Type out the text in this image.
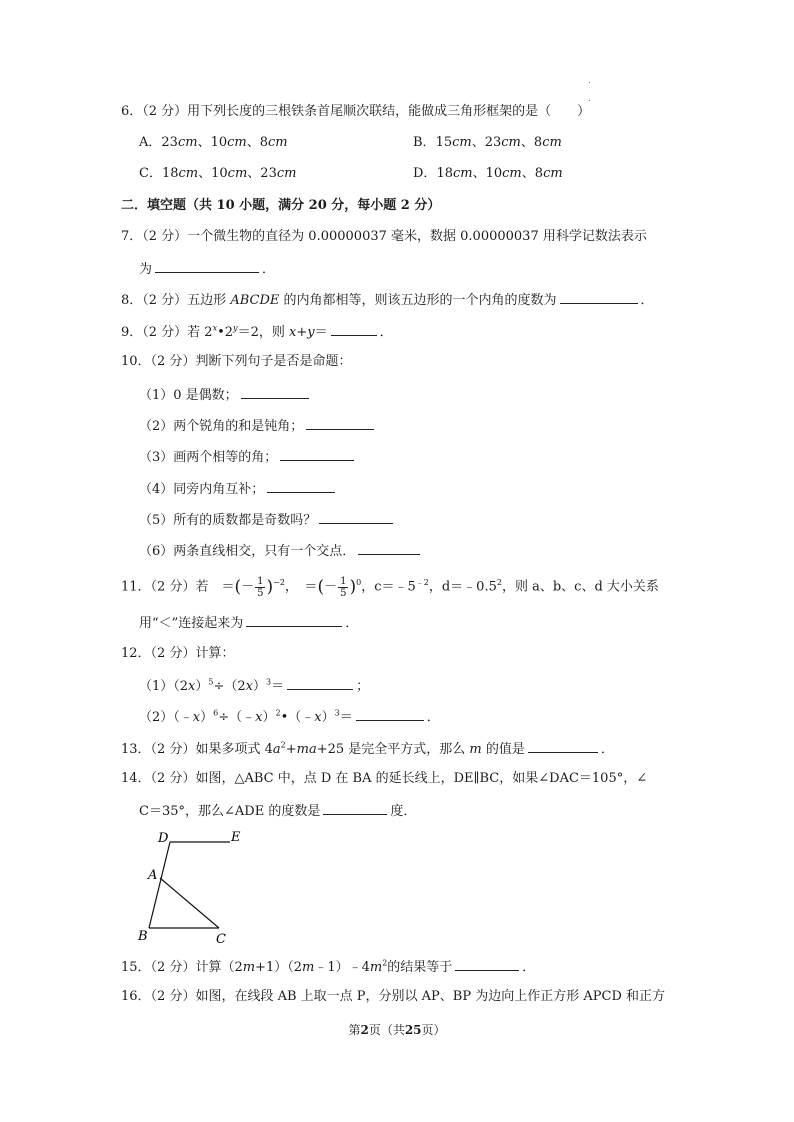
6．（2 分）用下列长度的三根铁条首尾顺次联结，能做成三角形框架的是（　　）
A．23cm、10cm、8cm	B．15cm、23cm、8cm
C．18cm、10cm、23cm	D．18cm、10cm、8cm
二．填空题（共 10 小题，满分 20 分，每小题 2 分）
7．（2 分）一个微生物的直径为 0.00000037 毫米，数据 0.00000037 用科学记数法表示
为	．
8．（2 分）五边形 ABCDE 的内角都相等，则该五边形的一个内角的度数为	．
9．（2 分）若 $2^x•2^y=2$，则 x+y＝	．
10．（2 分）判断下列句子是否是命题：
（1）0 是偶数；
（2）两个锐角的和是钝角；
（3）画两个相等的角；
（4）同旁内角互补；
（5）所有的质数都是奇数吗？
（6）两条直线相交，只有一个交点．
11．（2 分）若　＝(－ $\frac{1}{5} )^{-2}$，　＝(－ $\frac{1}{5} )^0$，$c=﹣5^{﹣2}$，$d=﹣0.5^2$，则 a、b、c、d 大小关系
用“＜”连接起来为	．
12．（2 分）计算：
$(1)(2x)^5\div(2x)^3=$	；
（2）（﹣x）$^6$÷（﹣x）$^2$•（﹣x）$^3$＝	．
13．（2 分）如果多项式 $4a^2+ma+25$ 是完全平方式，那么 m 的值是	．
14．（2 分）如图，△ABC 中，点 D 在 BA 的延长线上，DE∥BC，如果∠DAC＝105°，∠
C＝35°，那么∠ADE 的度数是	度．
D	E
A
B	C
15．（2 分）计算$(2m+1)(2m﹣1)﹣4m^2$的结果等于	．
16．（2 分）如图，在线段 AB 上取一点 P，分别以 AP、BP 为边向上作正方形 APCD 和正方
第2页（共25页）
